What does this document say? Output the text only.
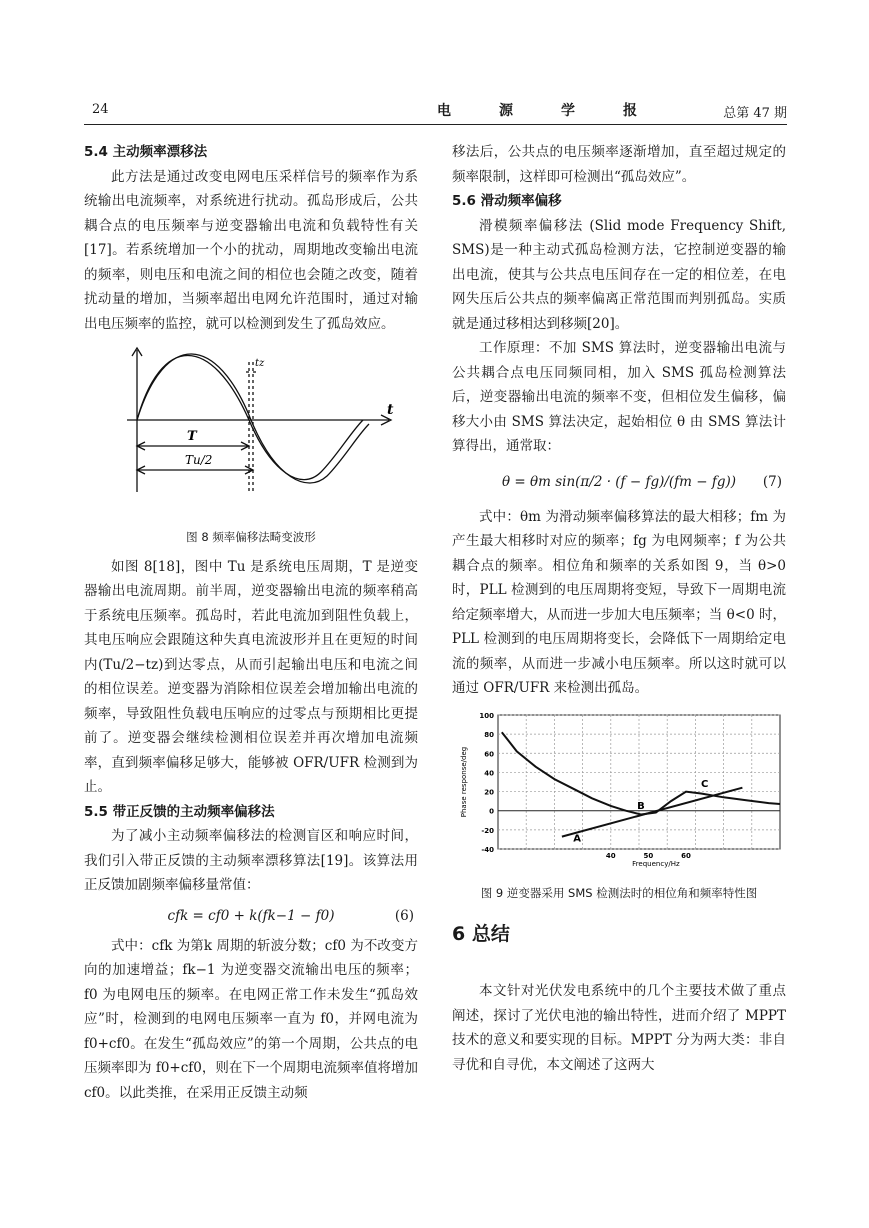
24	电源学报	总第 47 期
5.4 主动频率漂移法

此方法是通过改变电网电压采样信号的频率作为系统输出电流频率，对系统进行扰动。孤岛形成后，公共耦合点的电压频率与逆变器输出电流和负载特性有关[17]。若系统增加一个小的扰动，周期地改变输出电流的频率，则电压和电流之间的相位也会随之改变，随着扰动量的增加，当频率超出电网允许范围时，通过对输出电压频率的监控，就可以检测到发生了孤岛效应。

tz
t
T
Tu/2
图 8 频率偏移法畸变波形

如图 8[18]，图中 Tu 是系统电压周期，T 是逆变器输出电流周期。前半周，逆变器输出电流的频率稍高于系统电压频率。孤岛时，若此电流加到阻性负载上，其电压响应会跟随这种失真电流波形并且在更短的时间内(Tu/2−tz)到达零点，从而引起输出电压和电流之间的相位误差。逆变器为消除相位误差会增加输出电流的频率，导致阻性负载电压响应的过零点与预期相比更提前了。逆变器会继续检测相位误差并再次增加电流频率，直到频率偏移足够大，能够被 OFR/UFR 检测到为止。

5.5 带正反馈的主动频率偏移法

为了减小主动频率偏移法的检测盲区和响应时间，我们引入带正反馈的主动频率漂移算法[19]。该算法用正反馈加剧频率偏移量常值：

cfk = cf0 + k(fk−1 − f0)	(6)

式中：cfk 为第k 周期的斩波分数；cf0 为不改变方向的加速增益；fk−1 为逆变器交流输出电压的频率；f0 为电网电压的频率。在电网正常工作未发生“孤岛效应”时，检测到的电网电压频率一直为 f0，并网电流为 f0+cf0。在发生“孤岛效应”的第一个周期，公共点的电压频率即为 f0+cf0，则在下一个周期电流频率值将增加 cf0。以此类推，在采用正反馈主动频

移法后，公共点的电压频率逐渐增加，直至超过规定的频率限制，这样即可检测出“孤岛效应”。

5.6 滑动频率偏移

滑模频率偏移法 (Slid mode Frequency Shift, SMS)是一种主动式孤岛检测方法，它控制逆变器的输出电流，使其与公共点电压间存在一定的相位差，在电网失压后公共点的频率偏离正常范围而判别孤岛。实质就是通过移相达到移频[20]。

工作原理：不加 SMS 算法时，逆变器输出电流与公共耦合点电压同频同相，加入 SMS 孤岛检测算法后，逆变器输出电流的频率不变，但相位发生偏移，偏移大小由 SMS 算法决定，起始相位 θ 由 SMS 算法计算得出，通常取：

θ = θm sin(π/2 · (f − fg)/(fm − fg)) (7)

式中：θm 为滑动频率偏移算法的最大相移；fm 为产生最大相移时对应的频率；fg 为电网频率；f 为公共耦合点的频率。相位角和频率的关系如图 9，当 θ>0 时，PLL 检测到的电压周期将变短，导致下一周期电流给定频率增大，从而进一步加大电压频率；当 θ<0 时，PLL 检测到的电压周期将变长，会降低下一周期给定电流的频率，从而进一步减小电压频率。所以这时就可以通过 OFR/UFR 来检测出孤岛。

-40
-20
0
20
40
60
80
100
40	50	60
Frequency/Hz
Phase response/deg
A
B
C
图 9 逆变器采用 SMS 检测法时的相位角和频率特性图
6 总结

本文针对光伏发电系统中的几个主要技术做了重点阐述，探讨了光伏电池的输出特性，进而介绍了 MPPT 技术的意义和要实现的目标。MPPT 分为两大类：非自寻优和自寻优，本文阐述了这两大
